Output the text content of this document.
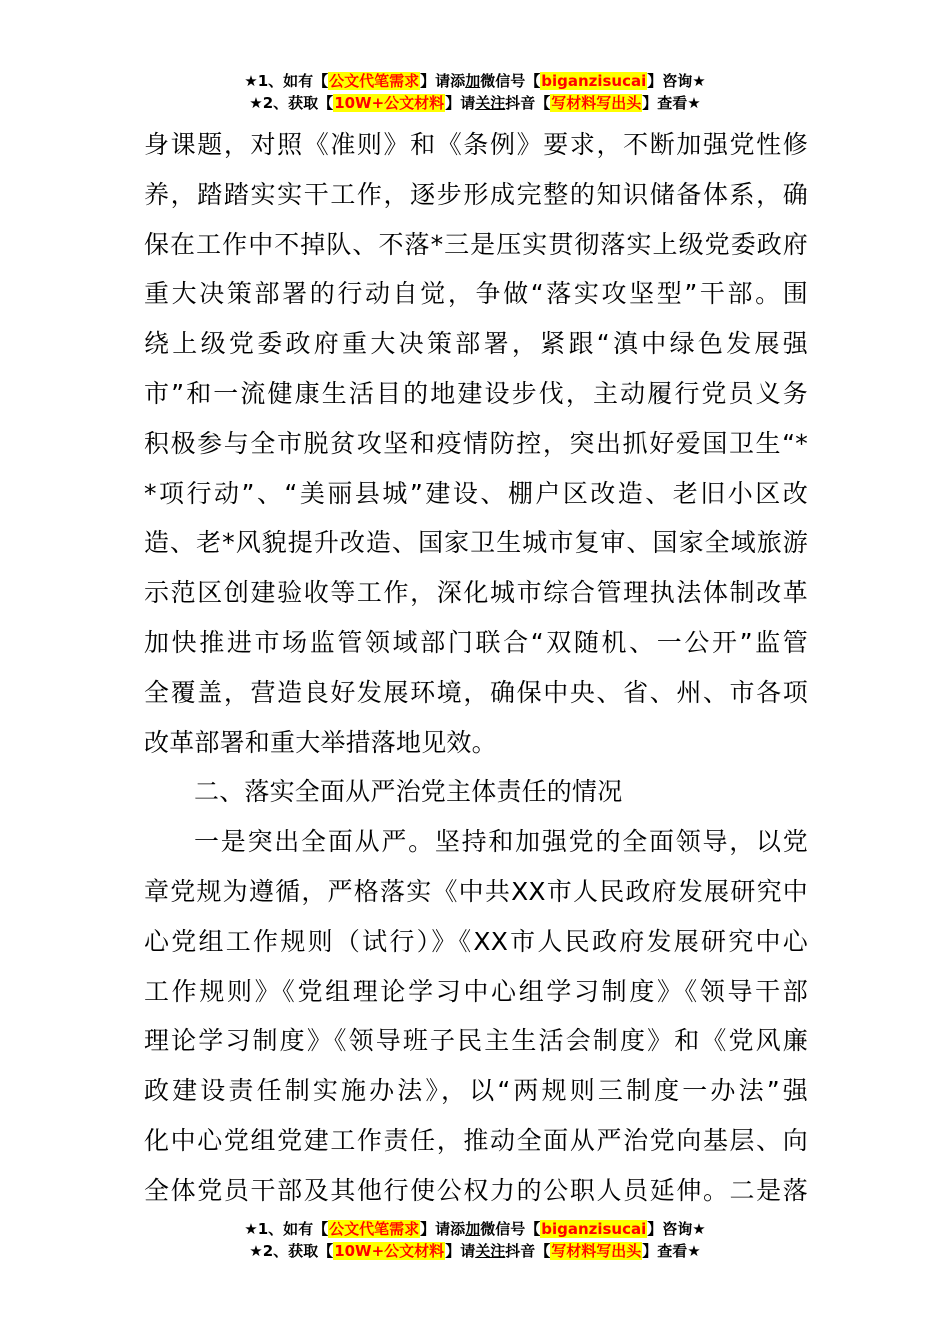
★1、如有【公文代笔需求】请添加微信号【biganzisucai】咨询★
★2、获取【10W+公文材料】请关注抖音【写材料写出头】查看★
身课题，对照《准则》和《条例》要求，不断加强党性修
养，踏踏实实干工作，逐步形成完整的知识储备体系，确
保在工作中不掉队、不落*三是压实贯彻落实上级党委政府
重大决策部署的行动自觉，争做“落实攻坚型”干部。围
绕上级党委政府重大决策部署，紧跟“滇中绿色发展强
市”和一流健康生活目的地建设步伐，主动履行党员义务
积极参与全市脱贫攻坚和疫情防控，突出抓好爱国卫生“*
*项行动”、“美丽县城”建设、棚户区改造、老旧小区改
造、老*风貌提升改造、国家卫生城市复审、国家全域旅游
示范区创建验收等工作，深化城市综合管理执法体制改革
加快推进市场监管领域部门联合“双随机、一公开”监管
全覆盖，营造良好发展环境，确保中央、省、州、市各项
改革部署和重大举措落地见效。
二、落实全面从严治党主体责任的情况
一是突出全面从严。坚持和加强党的全面领导，以党
章党规为遵循，严格落实《中共XX市人民政府发展研究中
心党组工作规则（试行）》《XX市人民政府发展研究中心
工作规则》《党组理论学习中心组学习制度》《领导干部
理论学习制度》《领导班子民主生活会制度》和《党风廉
政建设责任制实施办法》，以“两规则三制度一办法”强
化中心党组党建工作责任，推动全面从严治党向基层、向
全体党员干部及其他行使公权力的公职人员延伸。二是落
★1、如有【公文代笔需求】请添加微信号【biganzisucai】咨询★
★2、获取【10W+公文材料】请关注抖音【写材料写出头】查看★
